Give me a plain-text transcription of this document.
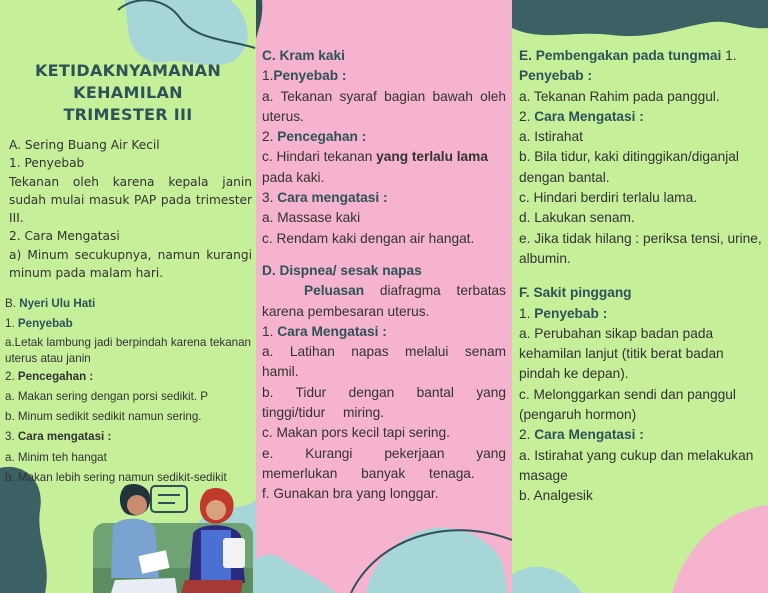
KETIDAKNYAMANAN
KEHAMILAN
TRIMESTER III
A. Sering Buang Air Kecil
1. Penyebab
Tekanan oleh karena kepala janin sudah mulai masuk PAP pada trimester III.
2. Cara Mengatasi
a) Minum secukupnya, namun kurangi minum pada malam hari.
B. Nyeri Ulu Hati
1. Penyebab
a.Letak lambung jadi berpindah karena tekanan uterus atau janin
2. Pencegahan :
a. Makan sering dengan porsi sedikit. P
b. Minum sedikit sedikit namun sering.
3. Cara mengatasi :
a. Minim teh hangat
b. Makan lebih sering namun sedikit-sedikit
C. Kram kaki
1.Penyebab :
a. Tekanan syaraf bagian bawah oleh uterus.
2. Pencegahan :
c. Hindari tekanan yang terlalu lama pada kaki.
3. Cara mengatasi :
a. Massase kaki
c. Rendam kaki dengan air hangat.
D. Dispnea/ sesak napas
Peluasan diafragma terbatas karena pembesaran uterus.
1. Cara Mengatasi :
a. Latihan napas melalui senam hamil.
b. Tidur dengan bantal yang tinggi/tidur miring.
c. Makan pors kecil tapi sering.
e. Kurangi pekerjaan yang memerlukan banyak tenaga.
f. Gunakan bra yang longgar.
E. Pembengakan pada tungmai 1.
Penyebab :
a. Tekanan Rahim pada panggul.
2. Cara Mengatasi :
a. Istirahat
b. Bila tidur, kaki ditinggikan/diganjal dengan bantal.
c. Hindari berdiri terlalu lama.
d. Lakukan senam.
e. Jika tidak hilang : periksa tensi, urine, albumin.
F. Sakit pinggang
1. Penyebab :
a. Perubahan sikap badan pada kehamilan lanjut (titik berat badan pindah ke depan).
c. Melonggarkan sendi dan panggul (pengaruh hormon)
2. Cara Mengatasi :
a. Istirahat yang cukup dan melakukan masage
b. Analgesik
